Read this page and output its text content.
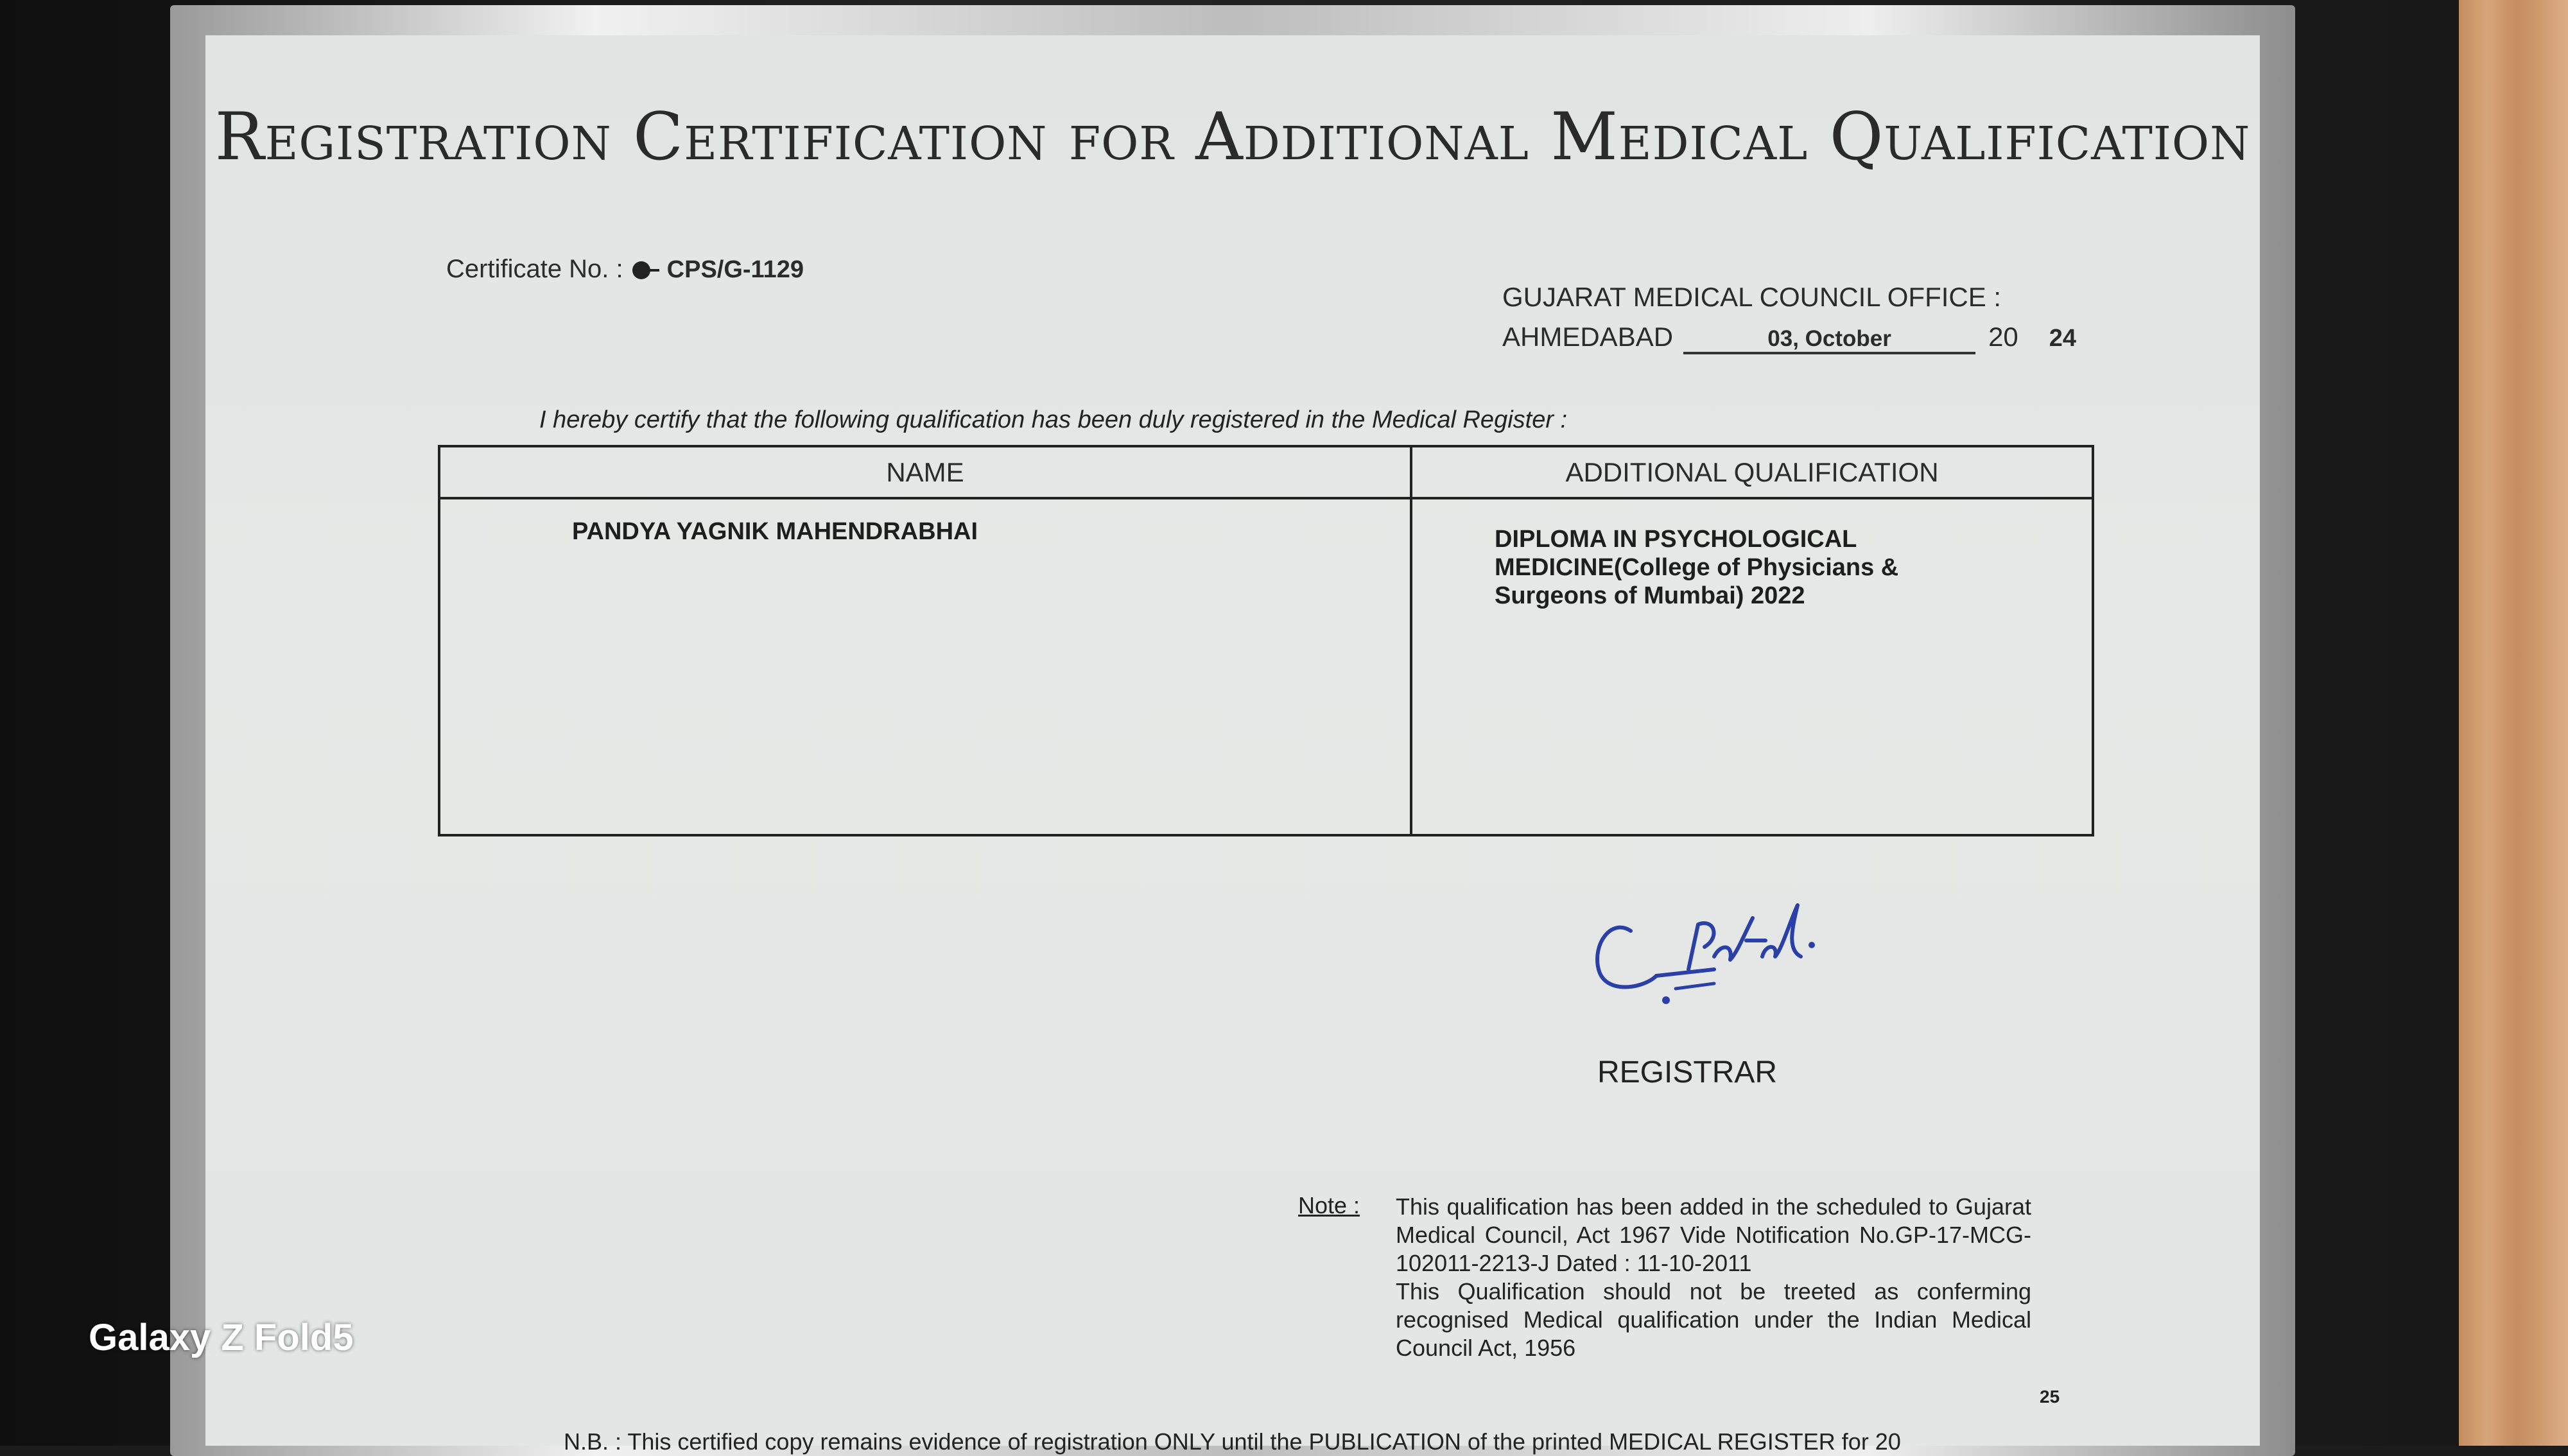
Registration Certification for Additional Medical Qualification
Certificate No. : CPS/G-1129
GUJARAT MEDICAL COUNCIL OFFICE :
AHMEDABAD	03, October	20 24
I hereby certify that the following qualification has been duly registered in the Medical Register :
NAME	ADDITIONAL QUALIFICATION
PANDYA YAGNIK MAHENDRABHAI	DIPLOMA IN PSYCHOLOGICAL MEDICINE(College of Physicians & Surgeons of Mumbai) 2022
REGISTRAR
Note : This qualification has been added in the scheduled to Gujarat Medical Council, Act 1967 Vide Notification No.GP-17-MCG-102011-2213-J Dated : 11-10-2011

This Qualification should not be treeted as conferming recognised Medical qualification under the Indian Medical Council Act, 1956

25
N.B. : This certified copy remains evidence of registration ONLY until the PUBLICATION of the printed MEDICAL REGISTER for 20
Galaxy Z Fold5
